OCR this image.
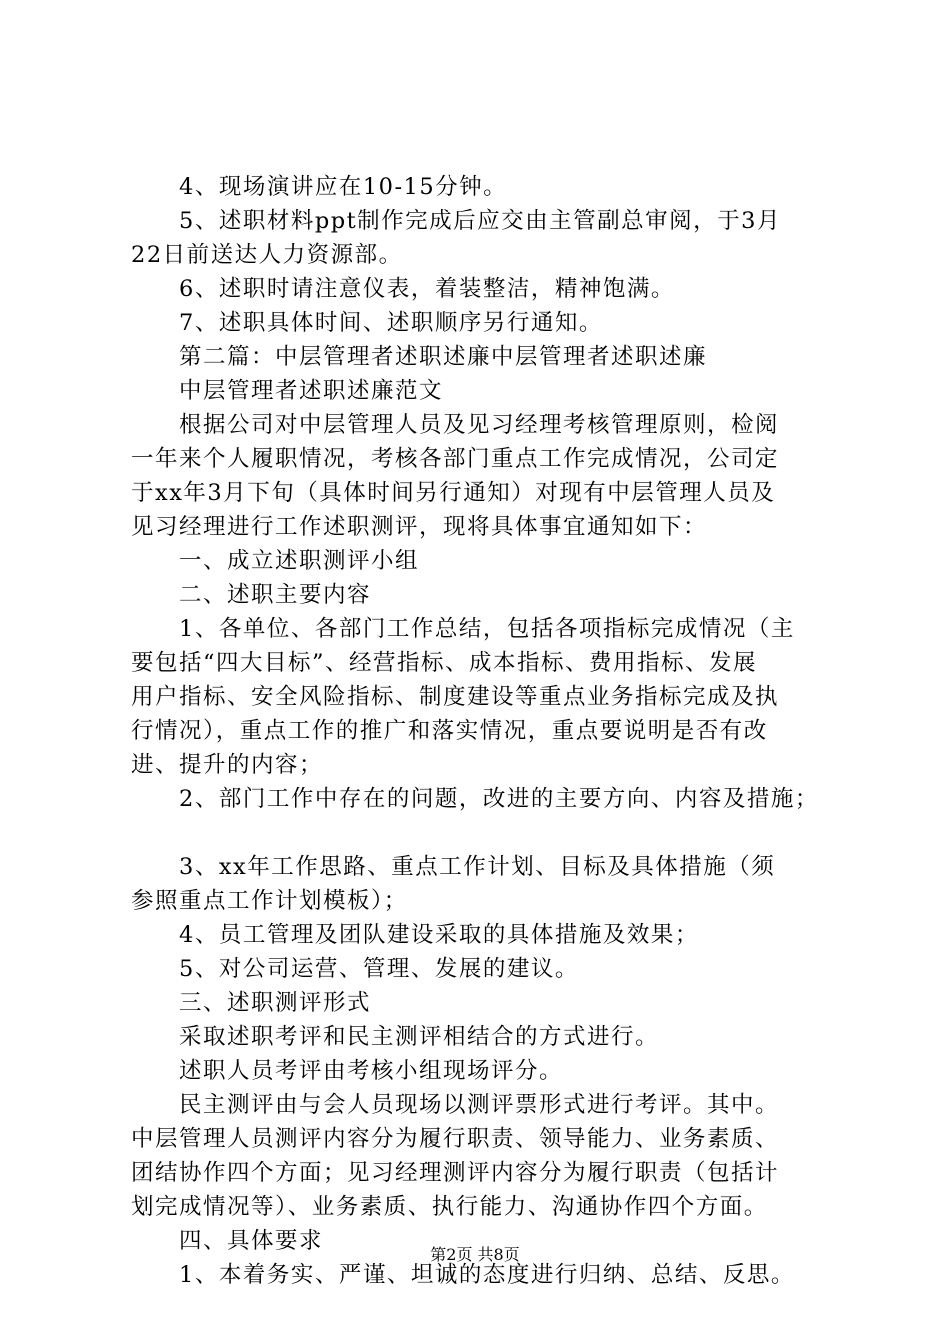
4、现场演讲应在10-15分钟。
5、述职材料ppt制作完成后应交由主管副总审阅，于3月
22日前送达人力资源部。
6、述职时请注意仪表，着装整洁，精神饱满。
7、述职具体时间、述职顺序另行通知。
第二篇：中层管理者述职述廉中层管理者述职述廉
中层管理者述职述廉范文
根据公司对中层管理人员及见习经理考核管理原则，检阅
一年来个人履职情况，考核各部门重点工作完成情况，公司定
于xx年3月下旬（具体时间另行通知）对现有中层管理人员及
见习经理进行工作述职测评，现将具体事宜通知如下：
一、成立述职测评小组
二、述职主要内容
1、各单位、各部门工作总结，包括各项指标完成情况（主
要包括“四大目标”、经营指标、成本指标、费用指标、发展
用户指标、安全风险指标、制度建设等重点业务指标完成及执
行情况），重点工作的推广和落实情况，重点要说明是否有改
进、提升的内容；
2、部门工作中存在的问题，改进的主要方向、内容及措施；
3、xx年工作思路、重点工作计划、目标及具体措施（须
参照重点工作计划模板）；
4、员工管理及团队建设采取的具体措施及效果；
5、对公司运营、管理、发展的建议。
三、述职测评形式
采取述职考评和民主测评相结合的方式进行。
述职人员考评由考核小组现场评分。
民主测评由与会人员现场以测评票形式进行考评。其中。
中层管理人员测评内容分为履行职责、领导能力、业务素质、
团结协作四个方面；见习经理测评内容分为履行职责（包括计
划完成情况等）、业务素质、执行能力、沟通协作四个方面。
四、具体要求
1、本着务实、严谨、坦诚的态度进行归纳、总结、反思。
第2页 共8页
